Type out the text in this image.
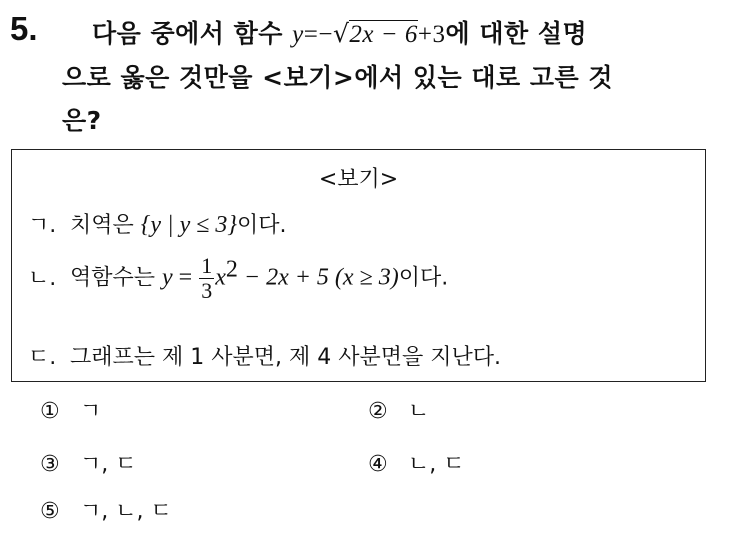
5. 다음 중에서 함수 y=−√2x − 6+3에 대한 설명
으로 옳은 것만을 <보기>에서 있는 대로 고른 것
은?
<보기>
ㄱ. 치역은 {y | y ≤ 3}이다.
ㄴ. 역함수는 $y = \frac{1}{3} x^2 - 2x + 5$ (x ≥ 3)이다.
ㄷ. 그래프는 제 1 사분면, 제 4 사분면을 지난다.
① ㄱ	② ㄴ
③ ㄱ, ㄷ	④ ㄴ, ㄷ
⑤ ㄱ, ㄴ, ㄷ
